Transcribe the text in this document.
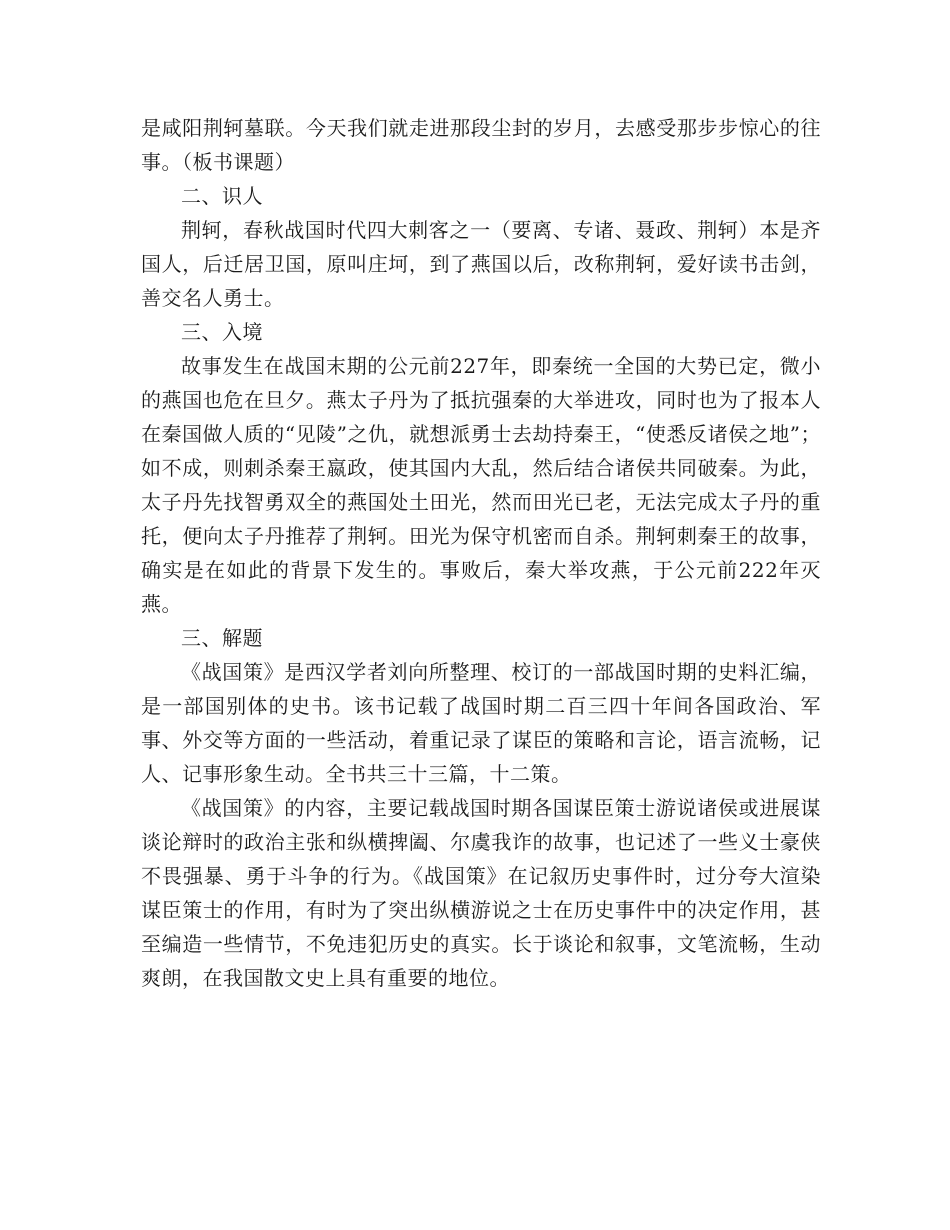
是咸阳荆轲墓联。今天我们就走进那段尘封的岁月，去感受那步步惊心的往事。（板书课题）

二、识人

荆轲，春秋战国时代四大刺客之一（要离、专诸、聂政、荆轲）本是齐国人，后迁居卫国，原叫庄坷，到了燕国以后，改称荆轲，爱好读书击剑，善交名人勇士。

三、入境

故事发生在战国末期的公元前227年，即秦统一全国的大势已定，微小的燕国也危在旦夕。燕太子丹为了抵抗强秦的大举进攻，同时也为了报本人在秦国做人质的“见陵”之仇，就想派勇士去劫持秦王，“使悉反诸侯之地”；如不成，则刺杀秦王嬴政，使其国内大乱，然后结合诸侯共同破秦。为此，太子丹先找智勇双全的燕国处土田光，然而田光已老，无法完成太子丹的重托，便向太子丹推荐了荆轲。田光为保守机密而自杀。荆轲刺秦王的故事，确实是在如此的背景下发生的。事败后，秦大举攻燕，于公元前222年灭燕。

三、解题

《战国策》是西汉学者刘向所整理、校订的一部战国时期的史料汇编，是一部国别体的史书。该书记载了战国时期二百三四十年间各国政治、军事、外交等方面的一些活动，着重记录了谋臣的策略和言论，语言流畅，记人、记事形象生动。全书共三十三篇，十二策。

《战国策》的内容，主要记载战国时期各国谋臣策士游说诸侯或进展谋谈论辩时的政治主张和纵横捭阖、尔虞我诈的故事，也记述了一些义士豪侠不畏强暴、勇于斗争的行为。《战国策》在记叙历史事件时，过分夸大渲染谋臣策士的作用，有时为了突出纵横游说之士在历史事件中的决定作用，甚至编造一些情节，不免违犯历史的真实。长于谈论和叙事，文笔流畅，生动爽朗，在我国散文史上具有重要的地位。
